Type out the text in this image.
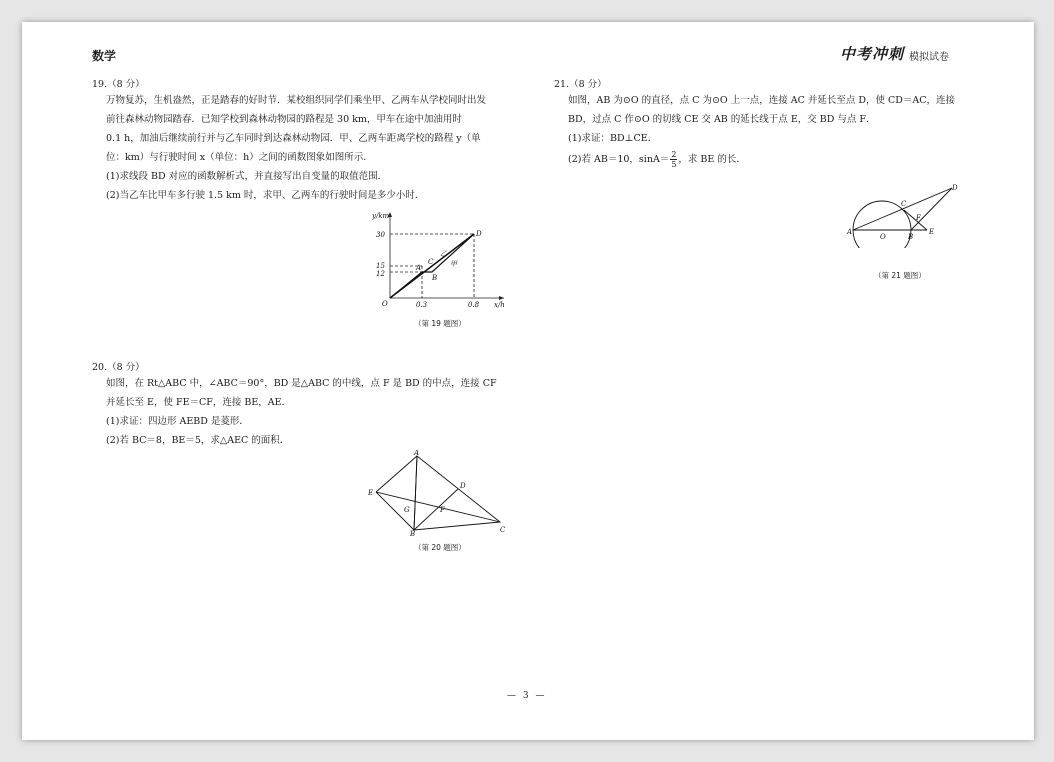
数学	中考冲刺 模拟试卷
19.（8 分）
万物复苏，生机盎然，正是踏春的好时节．某校组织同学们乘坐甲、乙两车从学校同时出发
前往森林动物园踏春．已知学校到森林动物园的路程是 30 km，甲车在途中加油用时
0.1 h，加油后继续前行并与乙车同时到达森林动物园．甲、乙两车距离学校的路程 y（单
位：km）与行驶时间 x（单位：h）之间的函数图象如图所示．
(1)求线段 BD 对应的函数解析式，并直接写出自变量的取值范围．
(2)当乙车比甲车多行驶 1.5 km 时，求甲、乙两车的行驶时间是多少小时．
y/km
x/h
O
30
15
12
0.3	0.8
A
B
C
D
乙
甲
（第 19 题图）
20.（8 分）
如图，在 Rt△ABC 中，∠ABC＝90°，BD 是△ABC 的中线，点 F 是 BD 的中点，连接 CF
并延长至 E，使 FE＝CF，连接 BE，AE．
(1)求证：四边形 AEBD 是菱形．
(2)若 BC＝8，BE＝5，求△AEC 的面积．
A
E
D
G	F
B	C
（第 20 题图）
21.（8 分）
如图，AB 为⊙O 的直径，点 C 为⊙O 上一点，连接 AC 并延长至点 D，使 CD＝AC，连接
BD，过点 C 作⊙O 的切线 CE 交 AB 的延长线于点 E，交 BD 与点 F．
(1)求证：BD⊥CE．
(2)若 AB＝10，$\sin A= \frac{2}{5}$ ，求 BE 的长．
D
C
F
A
O	B
E
（第 21 题图）
— 3 —
